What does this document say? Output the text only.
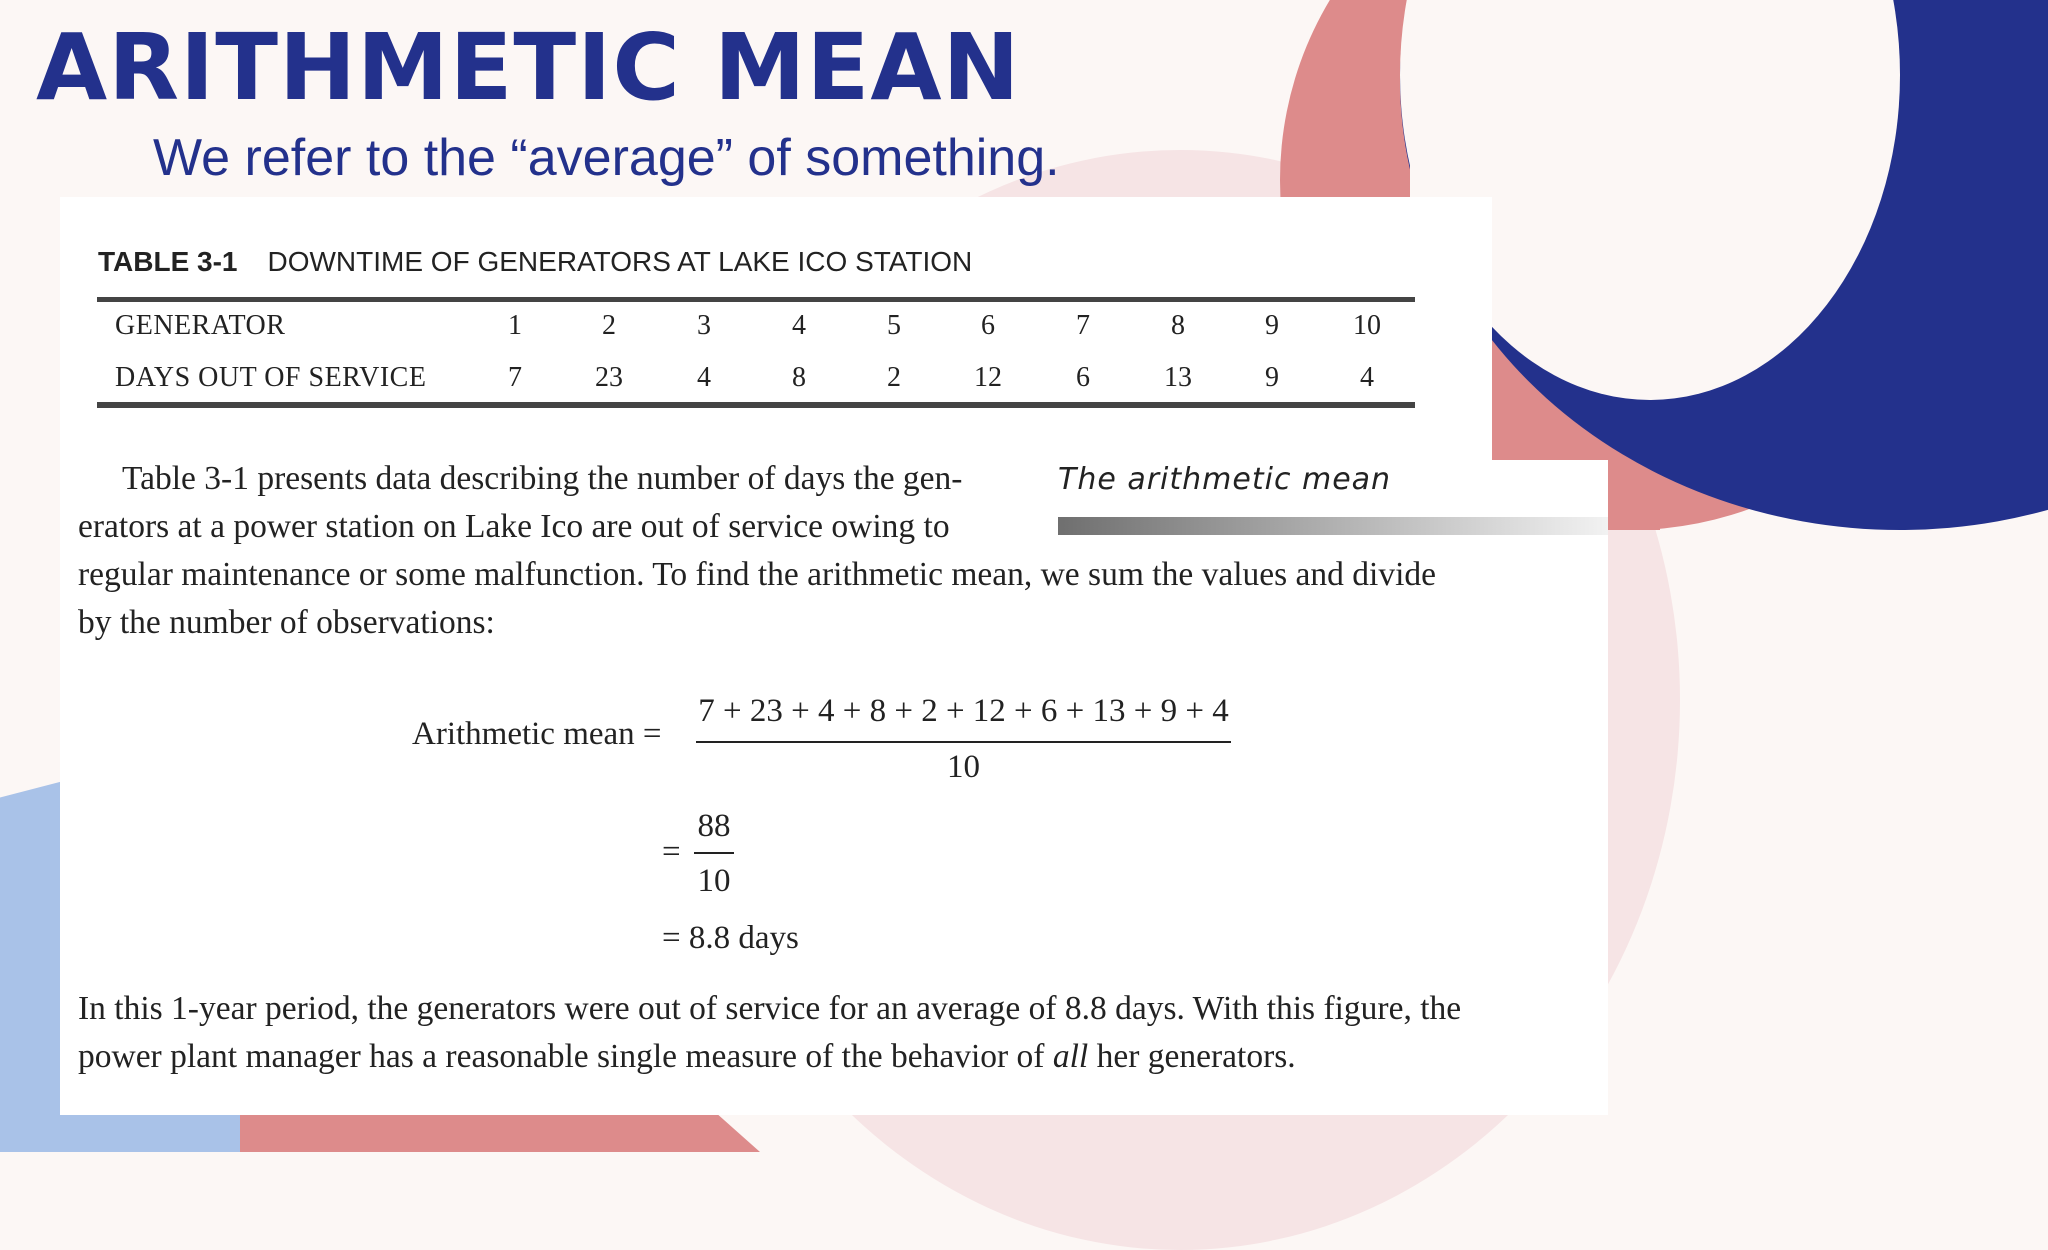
ARITHMETIC MEAN
We refer to the “average” of something.
TABLE 3-1 DOWNTIME OF GENERATORS AT LAKE ICO STATION
GENERATOR	1	2	3	4	5	6	7	8	9	10
DAYS OUT OF SERVICE	7	23	4	8	2	12	6	13	9	4
The arithmetic mean
Table 3-1 presents data describing the number of days the gen-
erators at a power station on Lake Ico are out of service owing to
regular maintenance or some malfunction. To find the arithmetic mean, we sum the values and divide
by the number of observations:
Arithmetic mean =
7 + 23 + 4 + 8 + 2 + 12 + 6 + 13 + 9 + 4
10
=
88
10
= 8.8 days
In this 1-year period, the generators were out of service for an average of 8.8 days. With this figure, the
power plant manager has a reasonable single measure of the behavior of all her generators.
